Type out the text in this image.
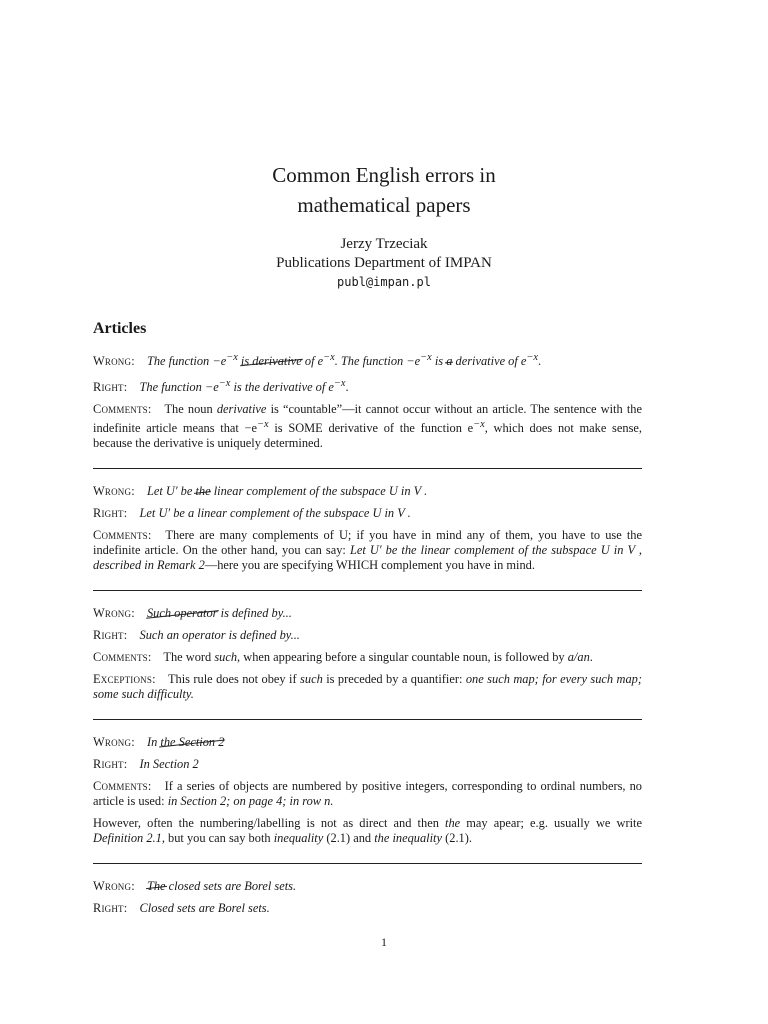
Common English errors in
mathematical papers
Jerzy Trzeciak
Publications Department of IMPAN
publ@impan.pl
Articles

Wrong: The function $-e^{-x}$ is derivative of $e^{-x}$. The function $-e^{-x}$ is a derivative of $e^{-x}$.

Right: The function $-e^{-x}$ is the derivative of $e^{-x}$.

Comments: The noun derivative is “countable”—it cannot occur without an article. The sentence with the indefinite article means that $-e^{-x}$ is SOME derivative of the function $e^{-x}$, which does not make sense, because the derivative is uniquely determined.

Wrong: Let U′ be the linear complement of the subspace U in V .

Right: Let U′ be a linear complement of the subspace U in V .

Comments: There are many complements of U; if you have in mind any of them, you have to use the indefinite article. On the other hand, you can say: Let U′ be the linear complement of the subspace U in V , described in Remark 2—here you are specifying WHICH complement you have in mind.

Wrong: Such operator is defined by...

Right: Such an operator is defined by...

Comments: The word such, when appearing before a singular countable noun, is followed by a/an.

Exceptions: This rule does not obey if such is preceded by a quantifier: one such map; for every such map; some such difficulty.

Wrong: In the Section 2

Right: In Section 2

Comments: If a series of objects are numbered by positive integers, corresponding to ordinal numbers, no article is used: in Section 2; on page 4; in row n.

However, often the numbering/labelling is not as direct and then the may apear; e.g. usually we write Definition 2.1, but you can say both inequality (2.1) and the inequality (2.1).

Wrong: The closed sets are Borel sets.

Right: Closed sets are Borel sets.

1
